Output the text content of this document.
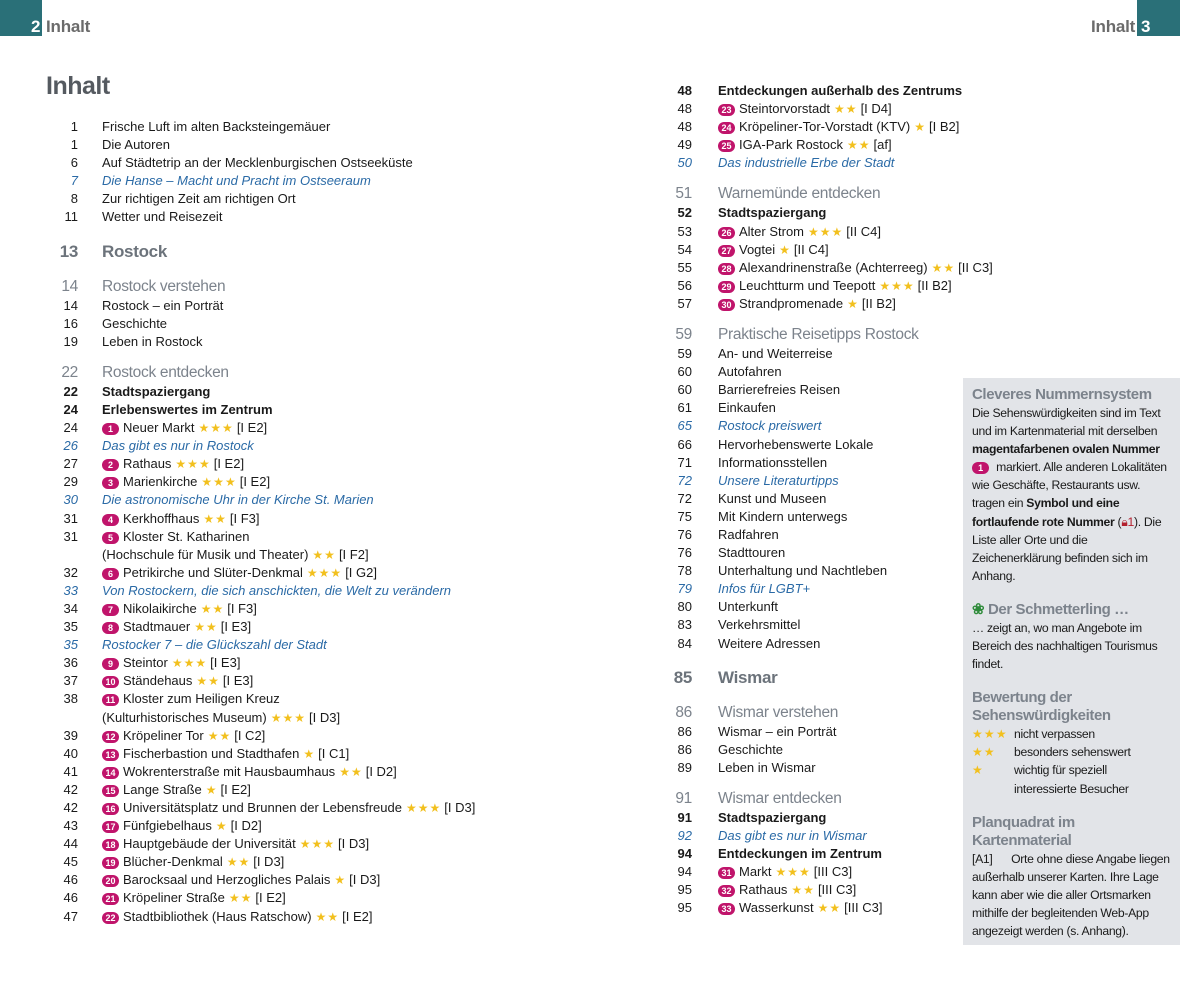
2 Inhalt	Inhalt 3
Inhalt
1	Frische Luft im alten Backsteingemäuer
1	Die Autoren
6	Auf Städtetrip an der Mecklenburgischen Ostseeküste
7	Die Hanse – Macht und Pracht im Ostseeraum
8	Zur richtigen Zeit am richtigen Ort
11	Wetter und Reisezeit
13	Rostock
14	Rostock verstehen
14	Rostock – ein Porträt
16	Geschichte
19	Leben in Rostock
22	Rostock entdecken
22	Stadtspaziergang
24	Erlebenswertes im Zentrum
24	1 Neuer Markt ★★★ [I E2]
26	Das gibt es nur in Rostock
27	2 Rathaus ★★★ [I E2]
29	3 Marienkirche ★★★ [I E2]
30	Die astronomische Uhr in der Kirche St. Marien
31	4 Kerkhoffhaus ★★ [I F3]
31	5 Kloster St. Katharinen
(Hochschule für Musik und Theater) ★★ [I F2]
32	6 Petrikirche und Slüter-Denkmal ★★★ [I G2]
33	Von Rostockern, die sich anschickten, die Welt zu verändern
34	7 Nikolaikirche ★★ [I F3]
35	8 Stadtmauer ★★ [I E3]
35	Rostocker 7 – die Glückszahl der Stadt
36	9 Steintor ★★★ [I E3]
37	10 Ständehaus ★★ [I E3]
38	11 Kloster zum Heiligen Kreuz
(Kulturhistorisches Museum) ★★★ [I D3]
39	12 Kröpeliner Tor ★★ [I C2]
40	13 Fischerbastion und Stadthafen ★ [I C1]
41	14 Wokrenterstraße mit Hausbaumhaus ★★ [I D2]
42	15 Lange Straße ★ [I E2]
42	16 Universitätsplatz und Brunnen der Lebensfreude ★★★ [I D3]
43	17 Fünfgiebelhaus ★ [I D2]
44	18 Hauptgebäude der Universität ★★★ [I D3]
45	19 Blücher-Denkmal ★★ [I D3]
46	20 Barocksaal und Herzogliches Palais ★ [I D3]
46	21 Kröpeliner Straße ★★ [I E2]
47	22 Stadtbibliothek (Haus Ratschow) ★★ [I E2]
48	Entdeckungen außerhalb des Zentrums
48	23 Steintorvorstadt ★★ [I D4]
48	24 Kröpeliner-Tor-Vorstadt (KTV) ★ [I B2]
49	25 IGA-Park Rostock ★★ [af]
50	Das industrielle Erbe der Stadt
51	Warnemünde entdecken
52	Stadtspaziergang
53	26 Alter Strom ★★★ [II C4]
54	27 Vogtei ★ [II C4]
55	28 Alexandrinenstraße (Achterreeg) ★★ [II C3]
56	29 Leuchtturm und Teepott ★★★ [II B2]
57	30 Strandpromenade ★ [II B2]
59	Praktische Reisetipps Rostock
59	An- und Weiterreise
60	Autofahren
60	Barrierefreies Reisen
61	Einkaufen
65	Rostock preiswert
66	Hervorhebenswerte Lokale
71	Informationsstellen
72	Unsere Literaturtipps
72	Kunst und Museen
75	Mit Kindern unterwegs
76	Radfahren
76	Stadttouren
78	Unterhaltung und Nachtleben
79	Infos für LGBT+
80	Unterkunft
83	Verkehrsmittel
84	Weitere Adressen
85	Wismar
86	Wismar verstehen
86	Wismar – ein Porträt
86	Geschichte
89	Leben in Wismar
91	Wismar entdecken
91	Stadtspaziergang
92	Das gibt es nur in Wismar
94	Entdeckungen im Zentrum
94	31 Markt ★★★ [III C3]
95	32 Rathaus ★★ [III C3]
95	33 Wasserkunst ★★ [III C3]
Cleveres Nummernsystem
Die Sehenswürdigkeiten sind im Text und im Kartenmaterial mit derselben magentafarbenen ovalen Nummer 1 markiert. Alle anderen Lokalitäten wie Geschäfte, Restaurants usw. tragen ein Symbol und eine fortlaufende rote Nummer (🔒︎1). Die Liste aller Orte und die Zeichenerklärung befinden sich im Anhang.
❀ Der Schmetterling …
… zeigt an, wo man Angebote im Bereich des nachhaltigen Tourismus findet.
Bewertung der Sehenswürdigkeiten
★★★ nicht verpassen
★★	besonders sehenswert
★	wichtig für speziell interessierte Besucher
Planquadrat im Kartenmaterial
[A1] Orte ohne diese Angabe liegen außerhalb unserer Karten. Ihre Lage kann aber wie die aller Ortsmarken mithilfe der begleitenden Web-App angezeigt werden (s. Anhang).
